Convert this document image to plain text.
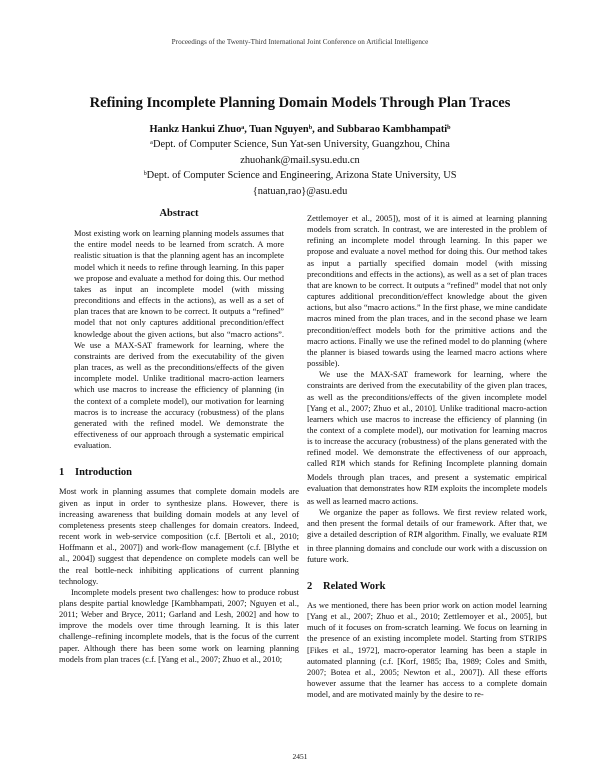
Proceedings of the Twenty-Third International Joint Conference on Artificial Intelligence
Refining Incomplete Planning Domain Models Through Plan Traces
Hankz Hankui Zhuoᵃ, Tuan Nguyenᵇ, and Subbarao Kambhampatiᵇ
ᵃDept. of Computer Science, Sun Yat-sen University, Guangzhou, China
zhuohank@mail.sysu.edu.cn
ᵇDept. of Computer Science and Engineering, Arizona State University, US
{natuan,rao}@asu.edu
Abstract

Most existing work on learning planning models assumes that the entire model needs to be learned from scratch. A more realistic situation is that the planning agent has an incomplete model which it needs to refine through learning. In this paper we propose and evaluate a method for doing this. Our method takes as input an incomplete model (with missing preconditions and effects in the actions), as well as a set of plan traces that are known to be correct. It outputs a “refined” model that not only captures additional precondition/effect knowledge about the given actions, but also “macro actions”. We use a MAX-SAT framework for learning, where the constraints are derived from the executability of the given plan traces, as well as the preconditions/effects of the given incomplete model. Unlike traditional macro-action learners which use macros to increase the efficiency of planning (in the context of a complete model), our motivation for learning macros is to increase the accuracy (robustness) of the plans generated with the refined model. We demonstrate the effectiveness of our approach through a systematic empirical evaluation.

1 Introduction

Most work in planning assumes that complete domain models are given as input in order to synthesize plans. However, there is increasing awareness that building domain models at any level of completeness presents steep challenges for domain creators. Indeed, recent work in web-service composition (c.f. [Bertoli et al., 2010; Hoffmann et al., 2007]) and work-flow management (c.f. [Blythe et al., 2004]) suggest that dependence on complete models can well be the real bottle-neck inhibiting applications of current planning technology.

Incomplete models present two challenges: how to produce robust plans despite partial knowledge [Kambhampati, 2007; Nguyen et al., 2011; Weber and Bryce, 2011; Garland and Lesh, 2002] and how to improve the models over time through learning. It is this later challenge–refining incomplete models, that is the focus of the current paper. Although there has been some work on learning planning models from plan traces (c.f. [Yang et al., 2007; Zhuo et al., 2010;

Zettlemoyer et al., 2005]), most of it is aimed at learning planning models from scratch. In contrast, we are interested in the problem of refining an incomplete model through learning. In this paper we propose and evaluate a novel method for doing this. Our method takes as input a partially specified domain model (with missing preconditions and effects in the actions), as well as a set of plan traces that are known to be correct. It outputs a “refined” model that not only captures additional precondition/effect knowledge about the given actions, but also “macro actions.” In the first phase, we mine candidate macros mined from the plan traces, and in the second phase we learn precondition/effect models both for the primitive actions and the macro actions. Finally we use the refined model to do planning (where the planner is biased towards using the learned macro actions where possible).

We use the MAX-SAT framework for learning, where the constraints are derived from the executability of the given plan traces, as well as the preconditions/effects of the given incomplete model [Yang et al., 2007; Zhuo et al., 2010]. Unlike traditional macro-action learners which use macros to increase the efficiency of planning (in the context of a complete model), our motivation for learning macros is to increase the accuracy (robustness) of the plans generated with the refined model. We demonstrate the effectiveness of our approach, called RIM which stands for Refining Incomplete planning domain Models through plan traces, and present a systematic empirical evaluation that demonstrates how RIM exploits the incomplete models as well as learned macro actions.

We organize the paper as follows. We first review related work, and then present the formal details of our framework. After that, we give a detailed description of RIM algorithm. Finally, we evaluate RIM in three planning domains and conclude our work with a discussion on future work.

2 Related Work

As we mentioned, there has been prior work on action model learning [Yang et al., 2007; Zhuo et al., 2010; Zettlemoyer et al., 2005], but much of it focuses on from-scratch learning. We focus on learning in the presence of an existing incomplete model. Starting from STRIPS [Fikes et al., 1972], macro-operator learning has been a staple in automated planning (c.f. [Korf, 1985; Iba, 1989; Coles and Smith, 2007; Botea et al., 2005; Newton et al., 2007]). All these efforts however assume that the learner has access to a complete domain model, and are motivated mainly by the desire to re-

2451
